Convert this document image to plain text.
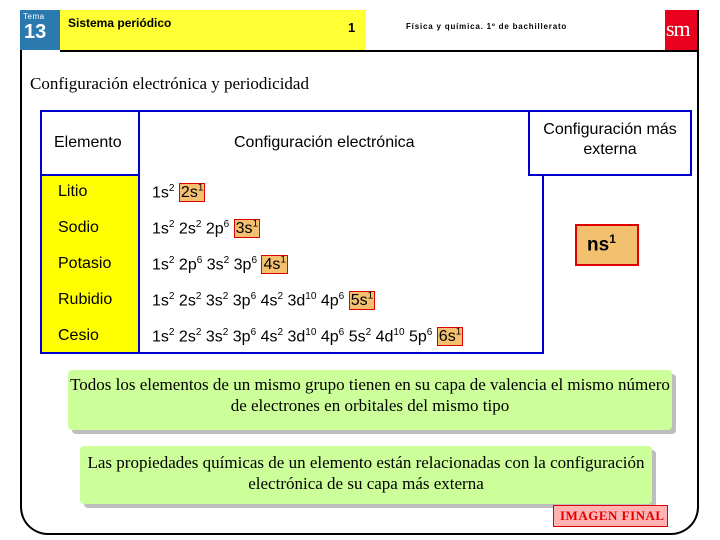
Tema
13 Sistema periódico	1	Física y química. 1º de bachillerato	sm
Configuración electrónica y periodicidad
Elemento	Configuración electrónica
Litio	$1s^2$ $2s^1$
Sodio	$1s^2$ $2s^2$ $2p^6$ $3s^1$
Potasio	$1s^2$ $2p^6$ $3s^2$ $3p^6$ $4s^1$
Rubidio $1s^2$ $2s^2$ $3s^2$ $3p^6$ $4s^2$ $3d^{10}$ $4p^6$ $5s^1$
Cesio	$1s^2$ $2s^2$ $3s^2$ $3p^6$ $4s^2$ $3d^{10}$ $4p^6$ $5s^2$ $4d^{10}$ $5p^6$ $6s^1$
Configuración más externa
$ns^1$
Todos los elementos de un mismo grupo tienen en su capa de valencia el mismo número de electrones en orbitales del mismo tipo
Las propiedades químicas de un elemento están relacionadas con la configuración electrónica de su capa más externa
IMAGEN FINAL
